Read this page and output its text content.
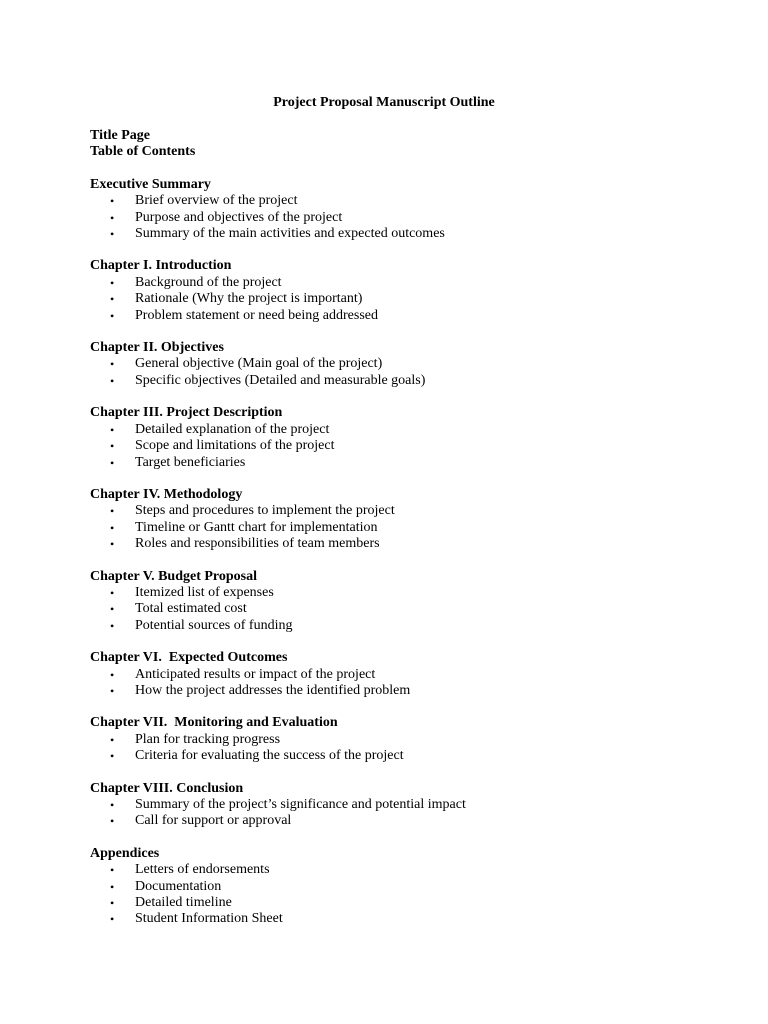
Project Proposal Manuscript Outline
Title Page
Table of Contents
Executive Summary
• Brief overview of the project
• Purpose and objectives of the project
• Summary of the main activities and expected outcomes
Chapter I. Introduction
• Background of the project
• Rationale (Why the project is important)
• Problem statement or need being addressed
Chapter II. Objectives
• General objective (Main goal of the project)
• Specific objectives (Detailed and measurable goals)
Chapter III. Project Description
• Detailed explanation of the project
• Scope and limitations of the project
• Target beneficiaries
Chapter IV. Methodology
• Steps and procedures to implement the project
• Timeline or Gantt chart for implementation
• Roles and responsibilities of team members
Chapter V. Budget Proposal
• Itemized list of expenses
• Total estimated cost
• Potential sources of funding
Chapter VI.  Expected Outcomes
• Anticipated results or impact of the project
• How the project addresses the identified problem
Chapter VII.  Monitoring and Evaluation
• Plan for tracking progress
• Criteria for evaluating the success of the project
Chapter VIII. Conclusion
• Summary of the project’s significance and potential impact
• Call for support or approval
Appendices
• Letters of endorsements
• Documentation
• Detailed timeline
• Student Information Sheet
